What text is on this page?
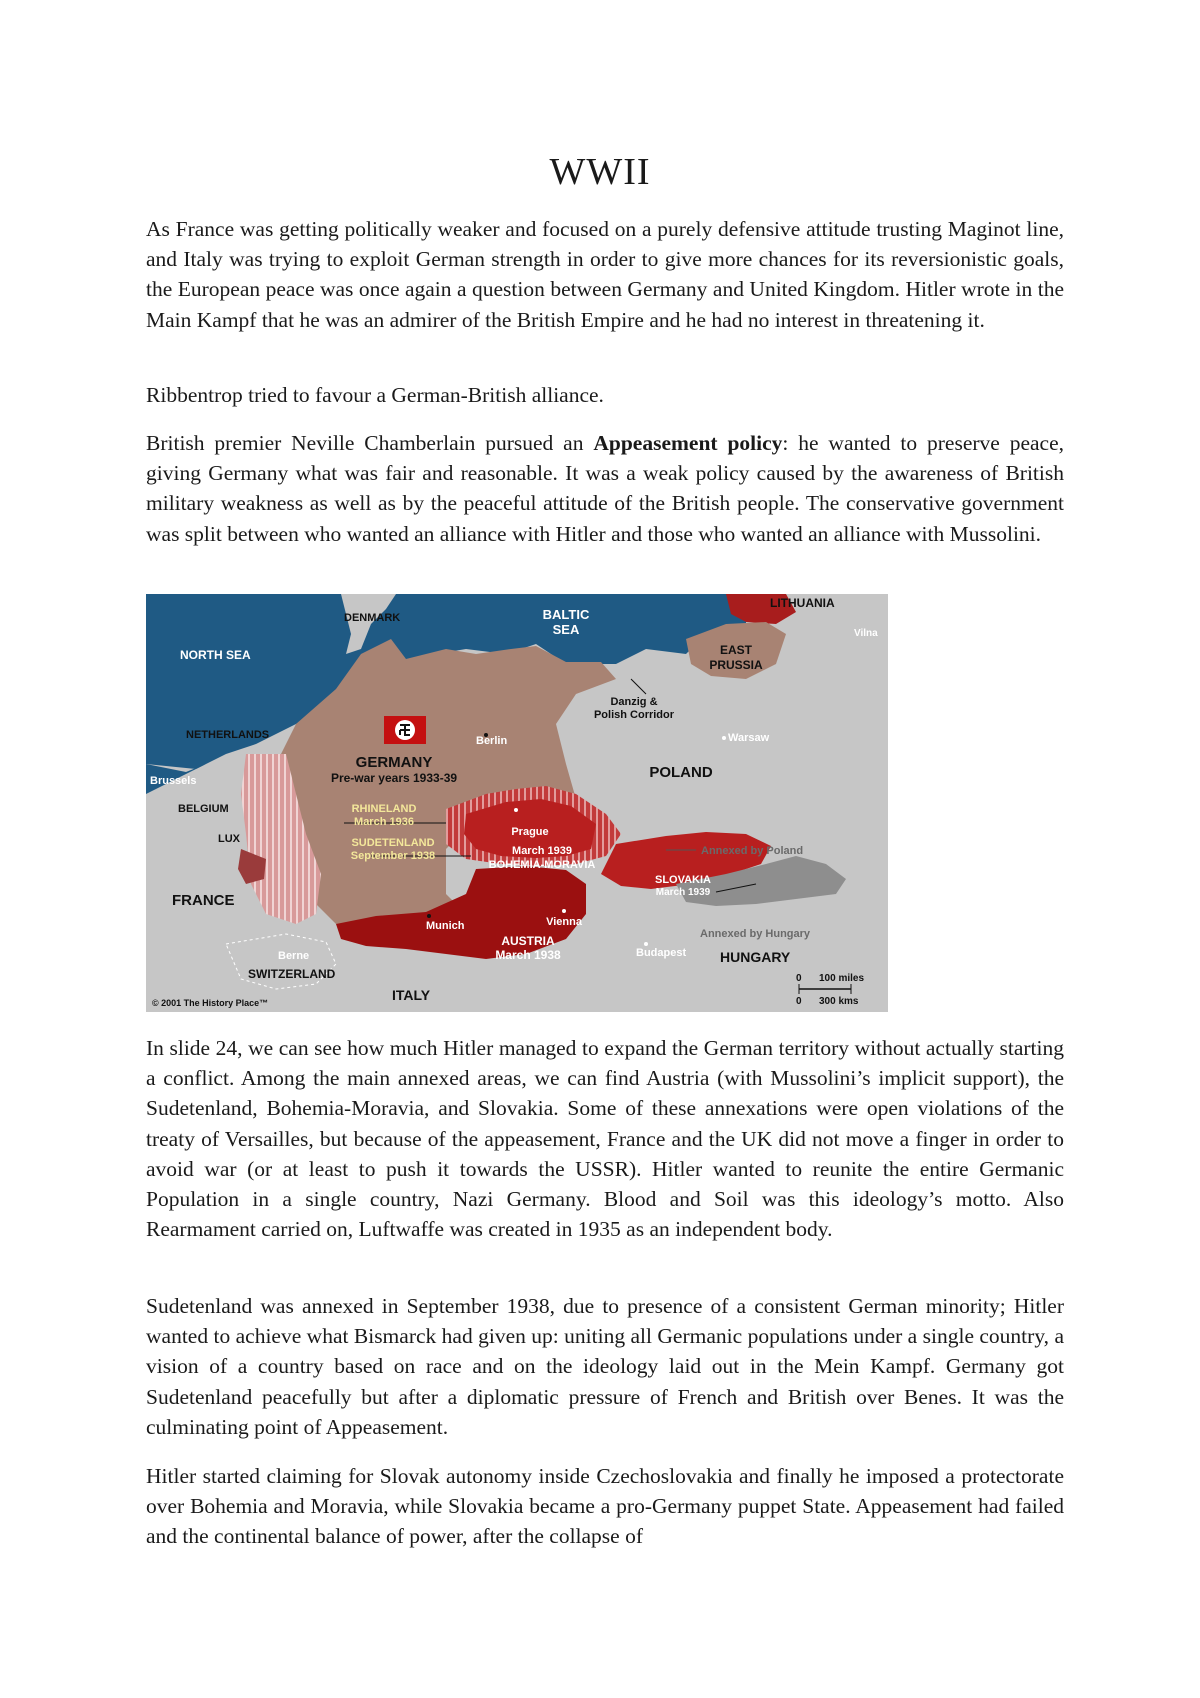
WWII

As France was getting politically weaker and focused on a purely defensive attitude trusting Maginot line, and Italy was trying to exploit German strength in order to give more chances for its reversionistic goals, the European peace was once again a question between Germany and United Kingdom. Hitler wrote in the Main Kampf that he was an admirer of the British Empire and he had no interest in threatening it.

Ribbentrop tried to favour a German-British alliance.

British premier Neville Chamberlain pursued an Appeasement policy: he wanted to preserve peace, giving Germany what was fair and reasonable. It was a weak policy caused by the awareness of British military weakness as well as by the peaceful attitude of the British people. The conservative government was split between who wanted an alliance with Hitler and those who wanted an alliance with Mussolini.

DENMARK	BALTIC
SEA
LITHUANIA
Vilna
NORTH SEA	EAST
PRUSSIA
Danzig &
Polish Corridor
NETHERLANDS	Berlin	Warsaw
GERMANY
Pre-war years 1933-39	POLAND
Brussels
BELGIUM	RHINELAND
March 1936
Prague
LUX	SUDETENLAND
September 1938	March 1939
BOHEMIA-MORAVIA
Annexed by Poland
SLOVAKIA
March 1939
FRANCE
Munich	Vienna
AUSTRIA
March 1938
Annexed by Hungary
Berne
SWITZERLAND
Budapest HUNGARY
ITALY
0 100 miles
0 300 kms
© 2001 The History Place™

In slide 24, we can see how much Hitler managed to expand the German territory without actually starting a conflict. Among the main annexed areas, we can find Austria (with Mussolini’s implicit support), the Sudetenland, Bohemia-Moravia, and Slovakia. Some of these annexations were open violations of the treaty of Versailles, but because of the appeasement, France and the UK did not move a finger in order to avoid war (or at least to push it towards the USSR). Hitler wanted to reunite the entire Germanic Population in a single country, Nazi Germany. Blood and Soil was this ideology’s motto. Also Rearmament carried on, Luftwaffe was created in 1935 as an independent body.

Sudetenland was annexed in September 1938, due to presence of a consistent German minority; Hitler wanted to achieve what Bismarck had given up: uniting all Germanic populations under a single country, a vision of a country based on race and on the ideology laid out in the Mein Kampf. Germany got Sudetenland peacefully but after a diplomatic pressure of French and British over Benes. It was the culminating point of Appeasement.

Hitler started claiming for Slovak autonomy inside Czechoslovakia and finally he imposed a protectorate over Bohemia and Moravia, while Slovakia became a pro-Germany puppet State. Appeasement had failed and the continental balance of power, after the collapse of
